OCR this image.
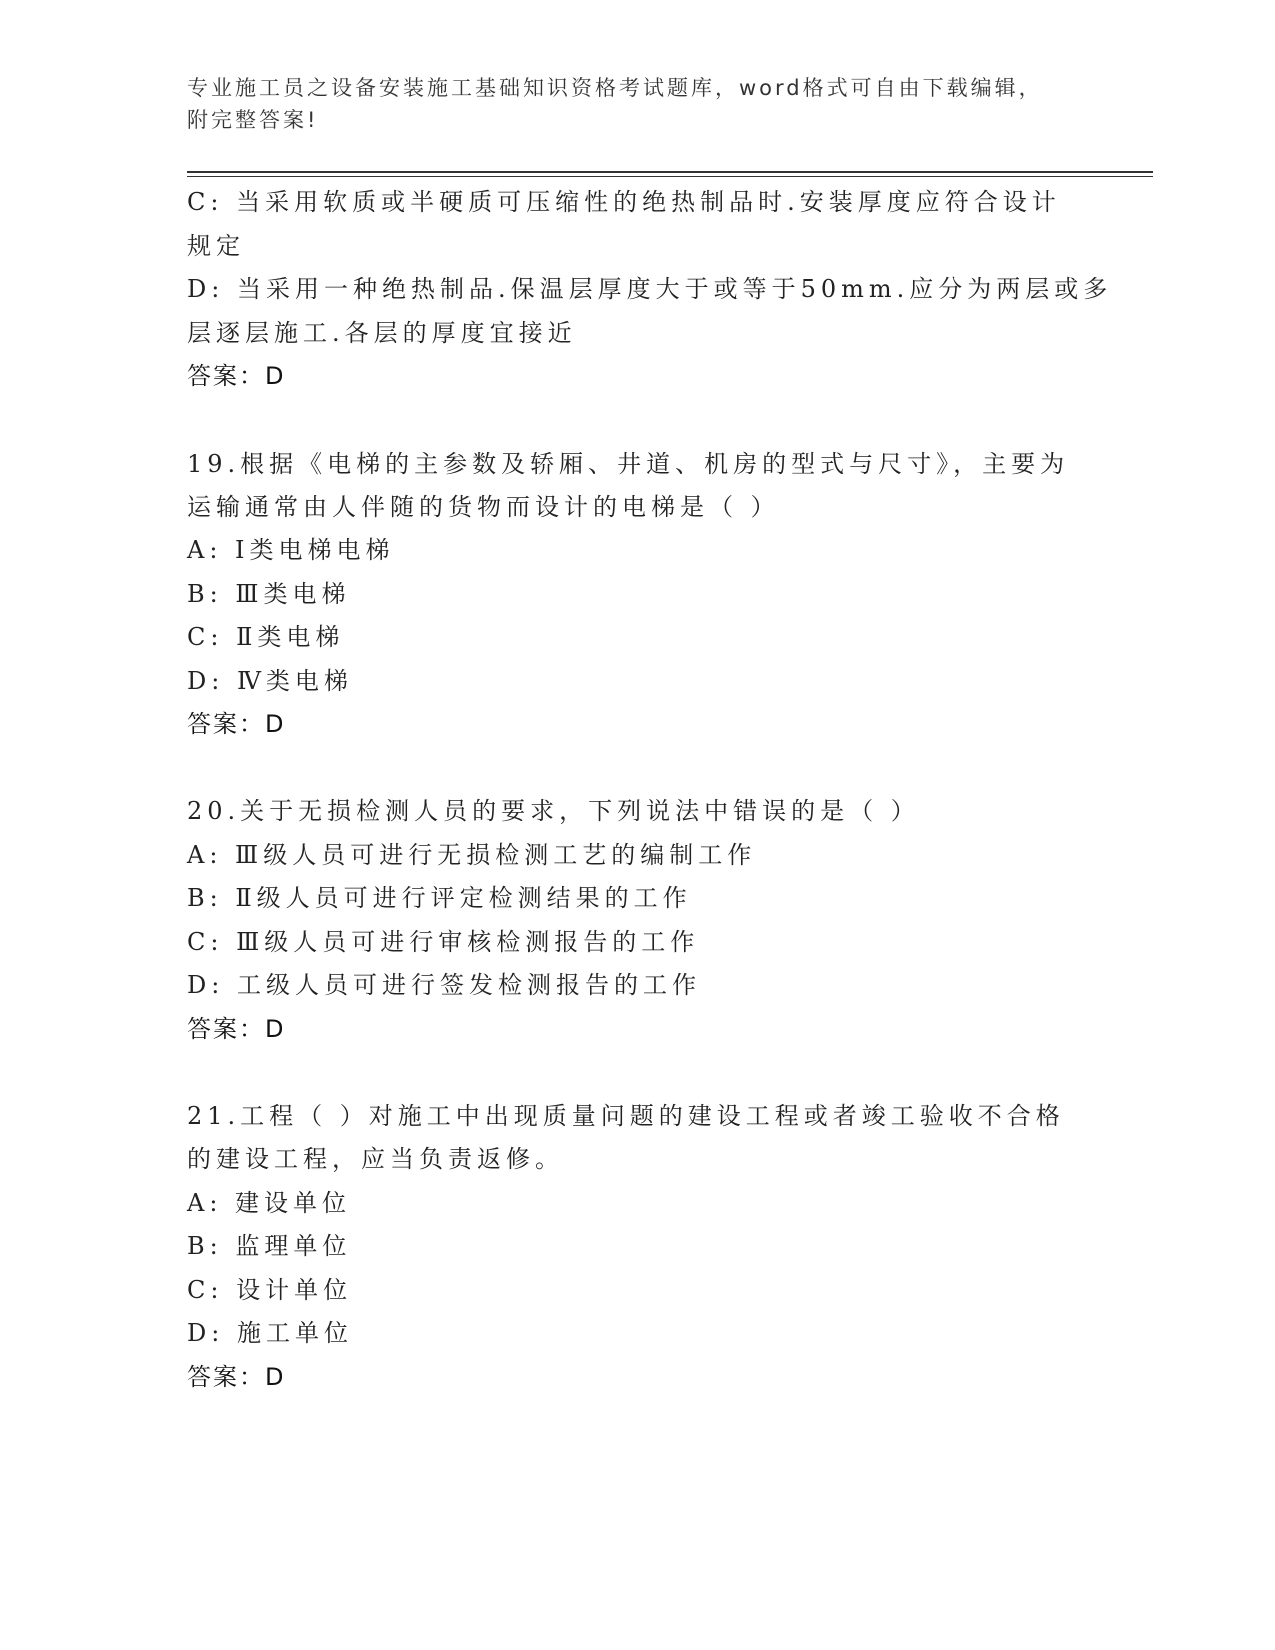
专业施工员之设备安装施工基础知识资格考试题库，word格式可自由下载编辑，
附完整答案!
C: 当采用软质或半硬质可压缩性的绝热制品时.安装厚度应符合设计
规定
D: 当采用一种绝热制品.保温层厚度大于或等于50mm.应分为两层或多
层逐层施工.各层的厚度宜接近
答案：D
19.根据《电梯的主参数及轿厢、井道、机房的型式与尺寸》，主要为
运输通常由人伴随的货物而设计的电梯是（ ）
A: Ⅰ类电梯电梯
B: Ⅲ类电梯
C: Ⅱ类电梯
D: Ⅳ类电梯
答案：D
20.关于无损检测人员的要求，下列说法中错误的是（ ）
A: Ⅲ级人员可进行无损检测工艺的编制工作
B: Ⅱ级人员可进行评定检测结果的工作
C: Ⅲ级人员可进行审核检测报告的工作
D: 工级人员可进行签发检测报告的工作
答案：D
21.工程（ ）对施工中出现质量问题的建设工程或者竣工验收不合格
的建设工程，应当负责返修。
A: 建设单位
B: 监理单位
C: 设计单位
D: 施工单位
答案：D
